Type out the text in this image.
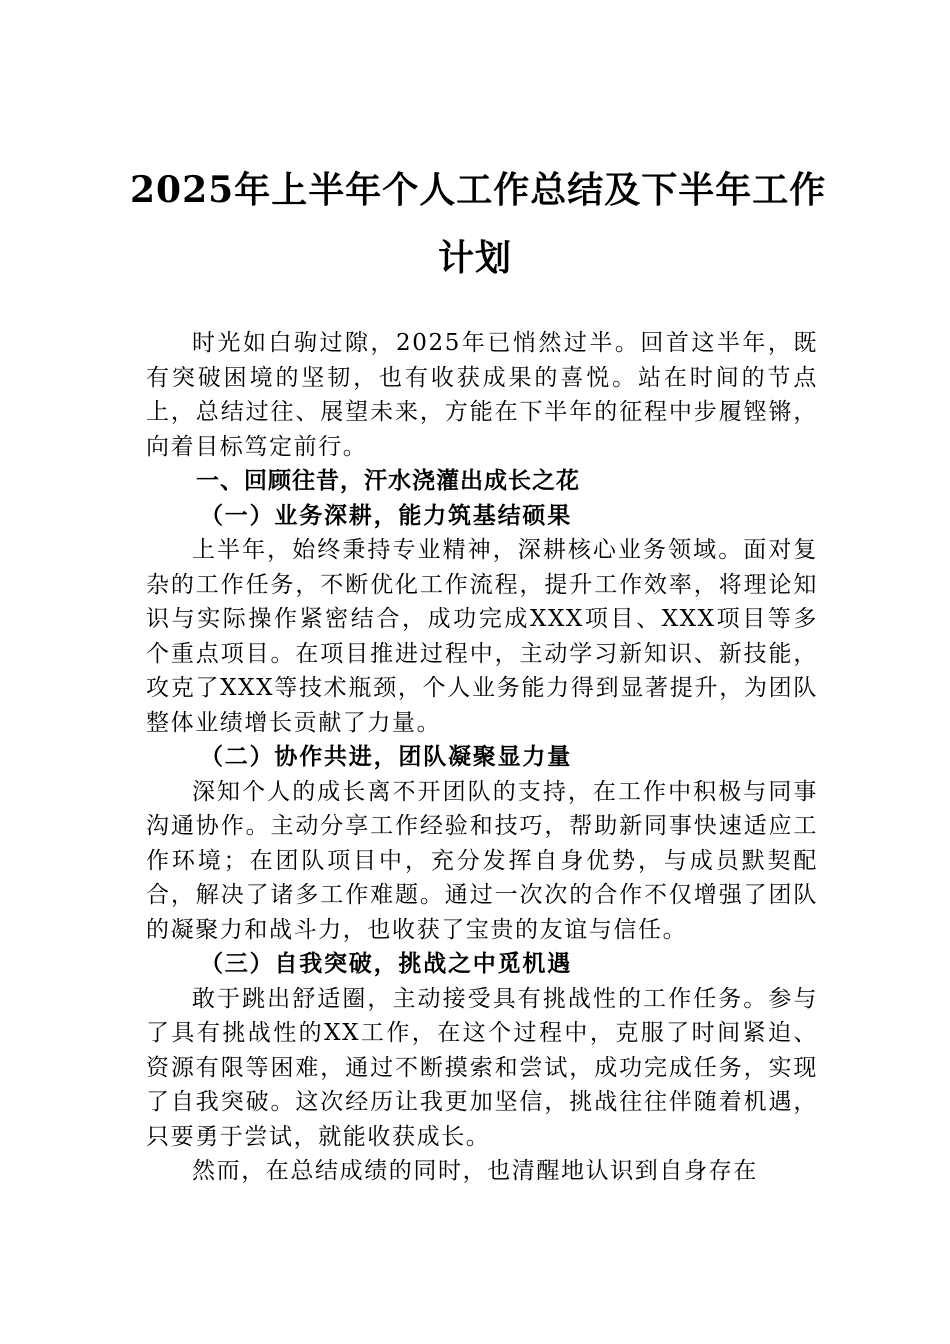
2025年上半年个人工作总结及下半年工作
计划

时光如白驹过隙，2025年已悄然过半。回首这半年，既有突破困境的坚韧，也有收获成果的喜悦。站在时间的节点上，总结过往、展望未来，方能在下半年的征程中步履铿锵，向着目标笃定前行。

一、回顾往昔，汗水浇灌出成长之花

（一）业务深耕，能力筑基结硕果

上半年，始终秉持专业精神，深耕核心业务领域。面对复杂的工作任务，不断优化工作流程，提升工作效率，将理论知识与实际操作紧密结合，成功完成XXX项目、XXX项目等多个重点项目。在项目推进过程中，主动学习新知识、新技能，攻克了XXX等技术瓶颈，个人业务能力得到显著提升，为团队整体业绩增长贡献了力量。

（二）协作共进，团队凝聚显力量

深知个人的成长离不开团队的支持，在工作中积极与同事沟通协作。主动分享工作经验和技巧，帮助新同事快速适应工作环境；在团队项目中，充分发挥自身优势，与成员默契配合，解决了诸多工作难题。通过一次次的合作不仅增强了团队的凝聚力和战斗力，也收获了宝贵的友谊与信任。

（三）自我突破，挑战之中觅机遇

敢于跳出舒适圈，主动接受具有挑战性的工作任务。参与了具有挑战性的XX工作，在这个过程中，克服了时间紧迫、资源有限等困难，通过不断摸索和尝试，成功完成任务，实现了自我突破。这次经历让我更加坚信，挑战往往伴随着机遇，只要勇于尝试，就能收获成长。

然而，在总结成绩的同时，也清醒地认识到自身存在
